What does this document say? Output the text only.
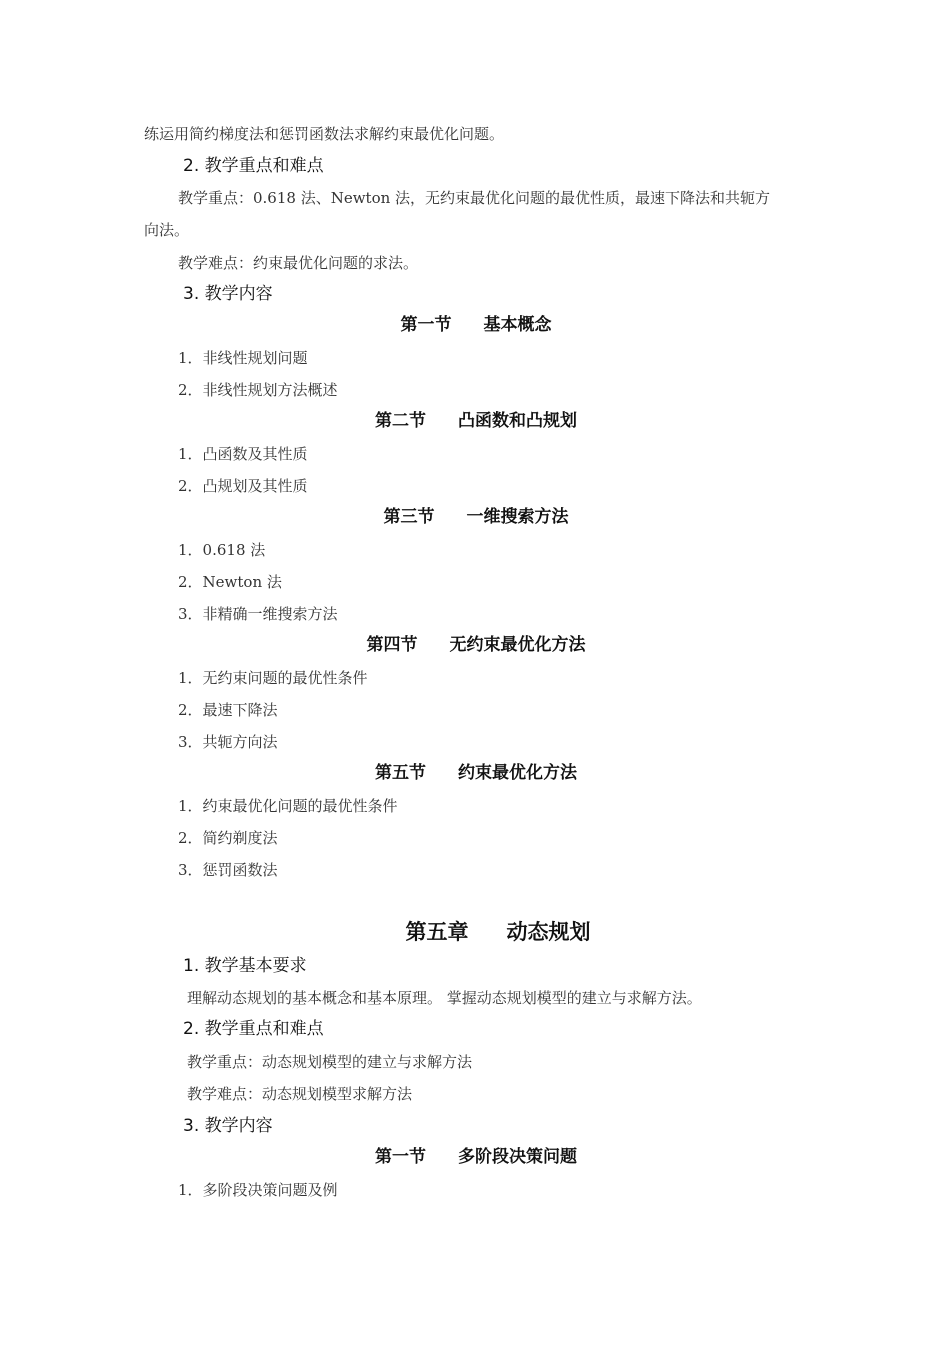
练运用简约梯度法和惩罚函数法求解约束最优化问题。
2. 教学重点和难点
教学重点：0.618 法、Newton 法，无约束最优化问题的最优性质，最速下降法和共轭方
向法。
教学难点：约束最优化问题的求法。
3. 教学内容
第一节 基本概念
1．非线性规划问题
2．非线性规划方法概述
第二节 凸函数和凸规划
1．凸函数及其性质
2．凸规划及其性质
第三节 一维搜索方法
1．0.618 法
2．Newton 法
3．非精确一维搜索方法
第四节 无约束最优化方法
1．无约束问题的最优性条件
2．最速下降法
3．共轭方向法
第五节 约束最优化方法
1．约束最优化问题的最优性条件
2．简约剃度法
3．惩罚函数法
第五章 动态规划
1. 教学基本要求
理解动态规划的基本概念和基本原理。 掌握动态规划模型的建立与求解方法。
2. 教学重点和难点
教学重点：动态规划模型的建立与求解方法
教学难点：动态规划模型求解方法
3. 教学内容
第一节 多阶段决策问题
1．多阶段决策问题及例
